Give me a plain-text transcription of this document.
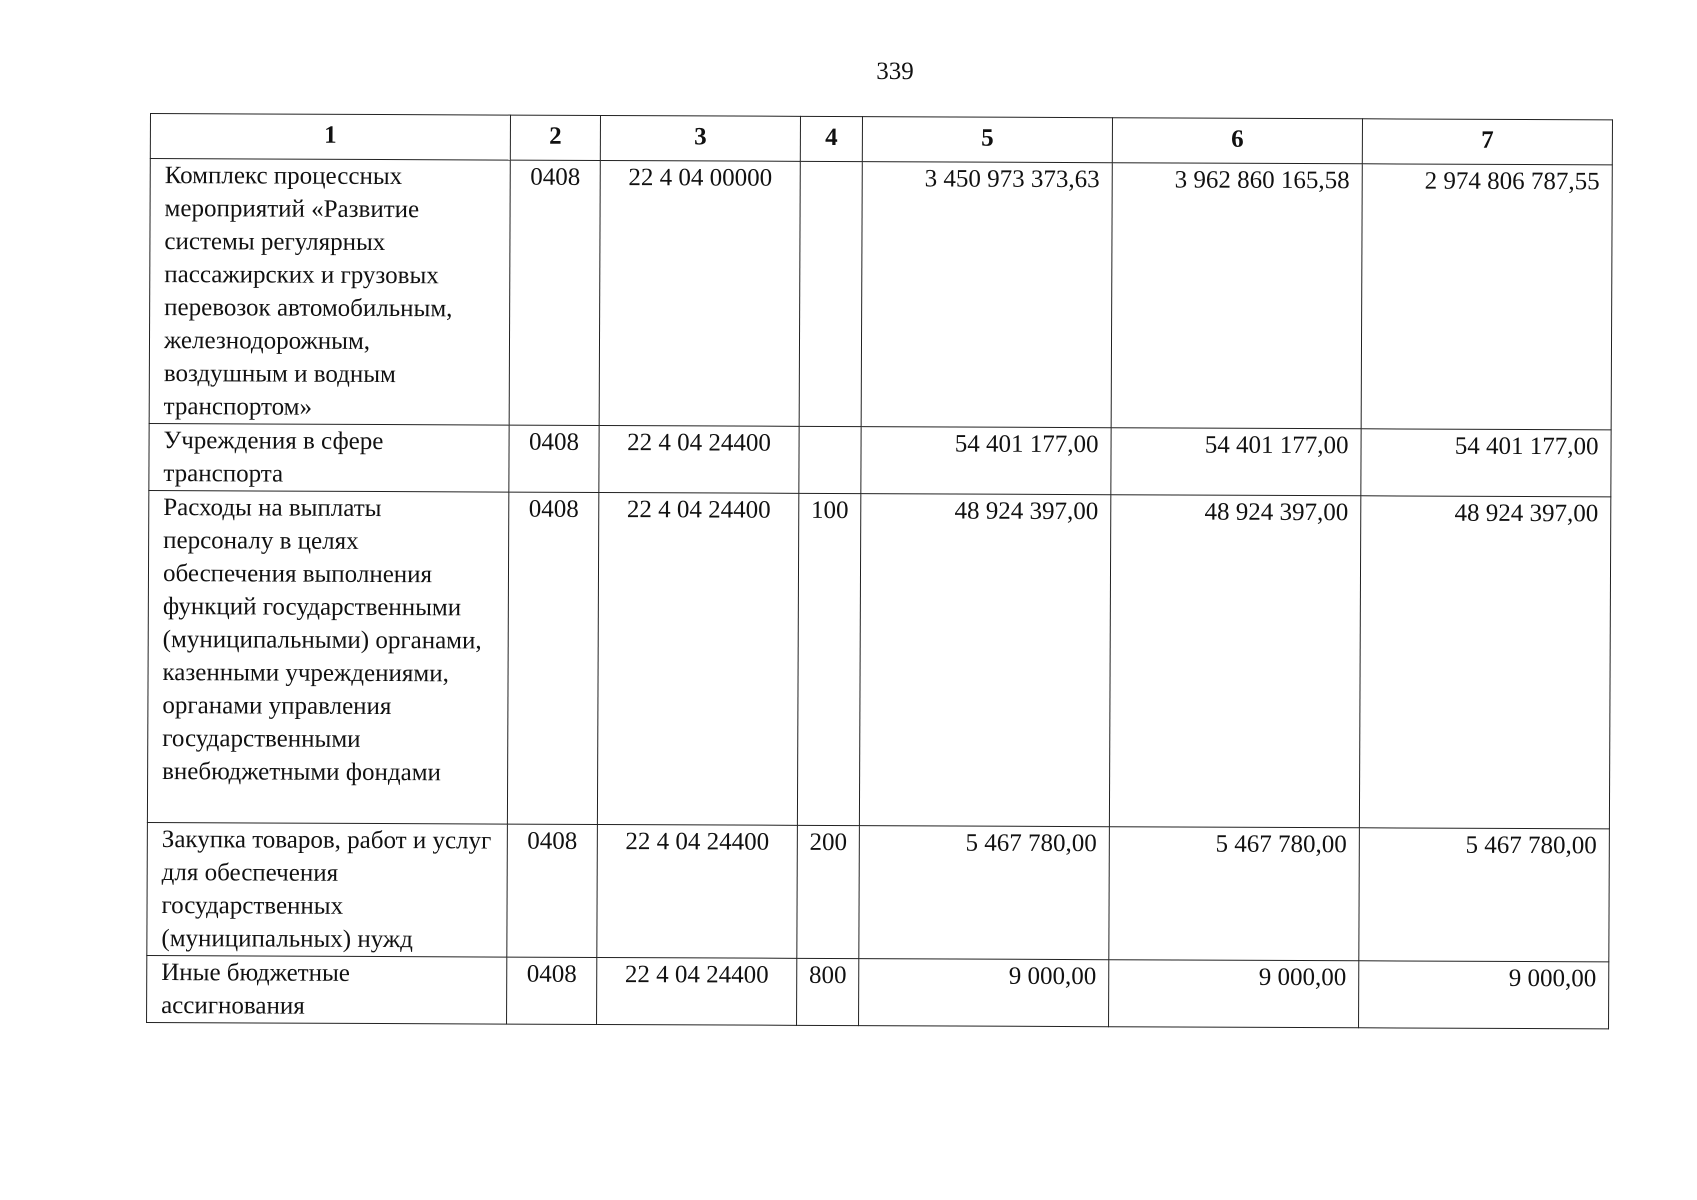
339
1	2	3	4	5	6	7
Комплекс процессных мероприятий «Развитие системы регулярных пассажирских и грузовых перевозок автомобильным, железнодорожным, воздушным и водным транспортом»	0408	22 4 04 00000		3 450 973 373,63	3 962 860 165,58	2 974 806 787,55
Учреждения в сфере транспорта	0408	22 4 04 24400		54 401 177,00	54 401 177,00	54 401 177,00
Расходы на выплаты персоналу в целях обеспечения выполнения функций государственными (муниципальными) органами, казенными учреждениями, органами управления государственными внебюджетными фондами	0408	22 4 04 24400	100	48 924 397,00	48 924 397,00	48 924 397,00
Закупка товаров, работ и услуг для обеспечения государственных (муниципальных) нужд	0408	22 4 04 24400	200	5 467 780,00	5 467 780,00	5 467 780,00
Иные бюджетные ассигнования	0408	22 4 04 24400	800	9 000,00	9 000,00	9 000,00
